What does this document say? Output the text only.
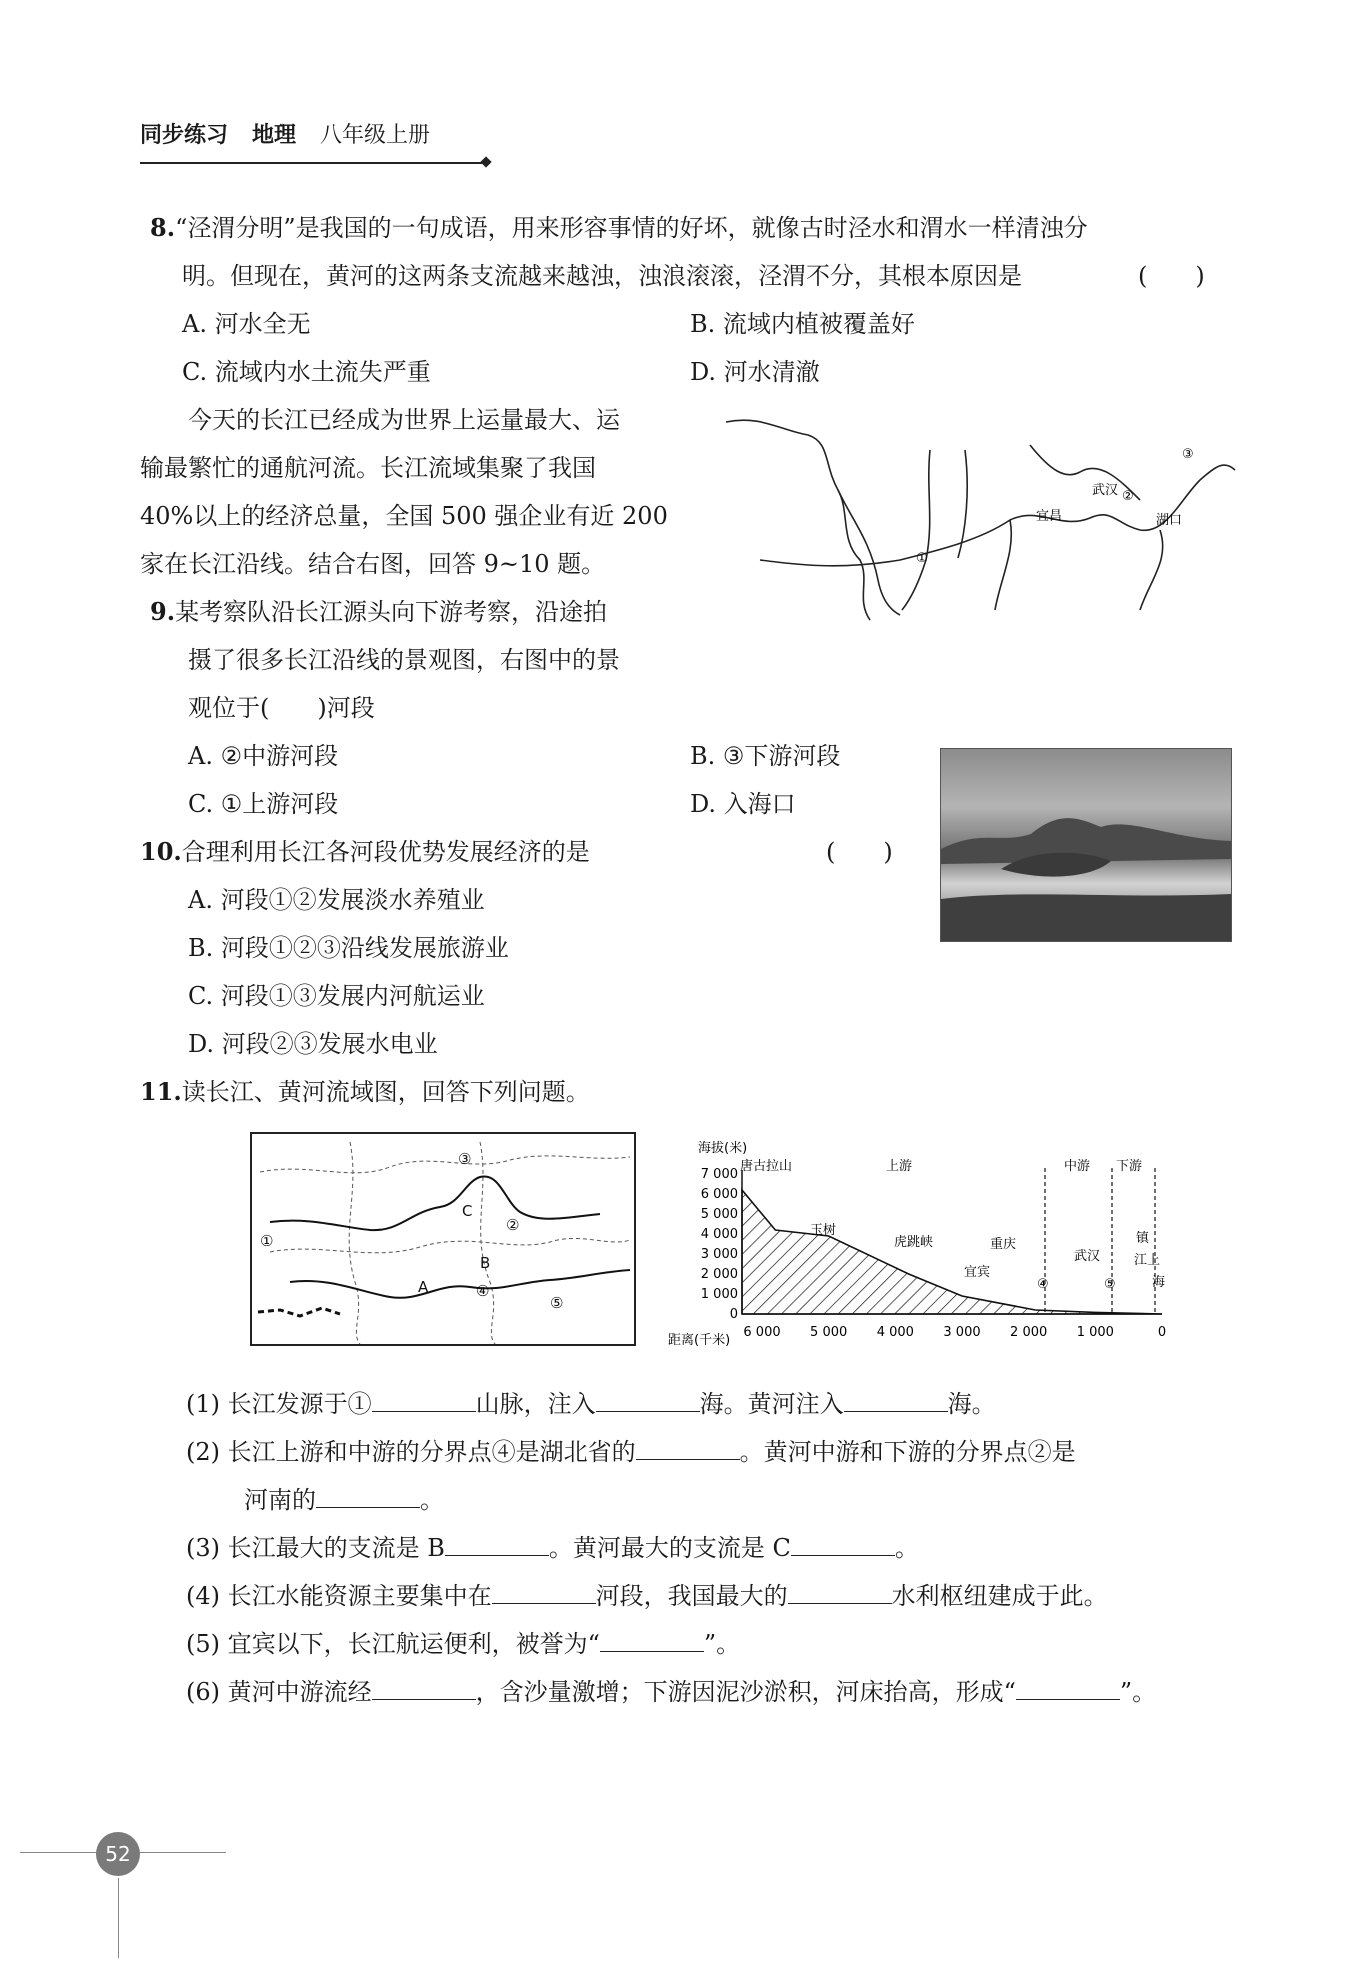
同步练习 地理 八年级上册
8.“泾渭分明”是我国的一句成语，用来形容事情的好坏，就像古时泾水和渭水一样清浊分
明。但现在，黄河的这两条支流越来越浊，浊浪滚滚，泾渭不分，其根本原因是	(　　)
A. 河水全无	B. 流域内植被覆盖好
C. 流域内水土流失严重	D. 河水清澈
今天的长江已经成为世界上运量最大、运
输最繁忙的通航河流。长江流域集聚了我国
40%以上的经济总量，全国 500 强企业有近 200
家在长江沿线。结合右图，回答 9~10 题。
宜昌
武汉
湖口
①
②
③
9.某考察队沿长江源头向下游考察，沿途拍
摄了很多长江沿线的景观图，右图中的景
观位于(　　)河段
A. ②中游河段	B. ③下游河段
C. ①上游河段	D. 入海口
10.合理利用长江各河段优势发展经济的是	(　　)
A. 河段①②发展淡水养殖业
B. 河段①②③沿线发展旅游业
C. 河段①③发展内河航运业
D. 河段②③发展水电业
11.读长江、黄河流域图，回答下列问题。
①
②
③
④
⑤
A
B
C
海拔(米)
距离(千米)
7 000
6 000
5 000
4 000
3 000
2 000
1 000
0
6 000 5 000 4 000 3 000 2 000 1 000	0
唐古拉山	上游	中游 下游
玉树
虎跳峡	重庆
宜宾
武汉
④	⑤
镇
江上
海
(1) 长江发源于①	山脉，注入	海。黄河注入	海。
(2) 长江上游和中游的分界点④是湖北省的	。黄河中游和下游的分界点②是
河南的	。
(3) 长江最大的支流是 B	。黄河最大的支流是 C	。
(4) 长江水能资源主要集中在	河段，我国最大的	水利枢纽建成于此。
(5) 宜宾以下，长江航运便利，被誉为“	”。
(6) 黄河中游流经	，含沙量激增；下游因泥沙淤积，河床抬高，形成“	”。
52
